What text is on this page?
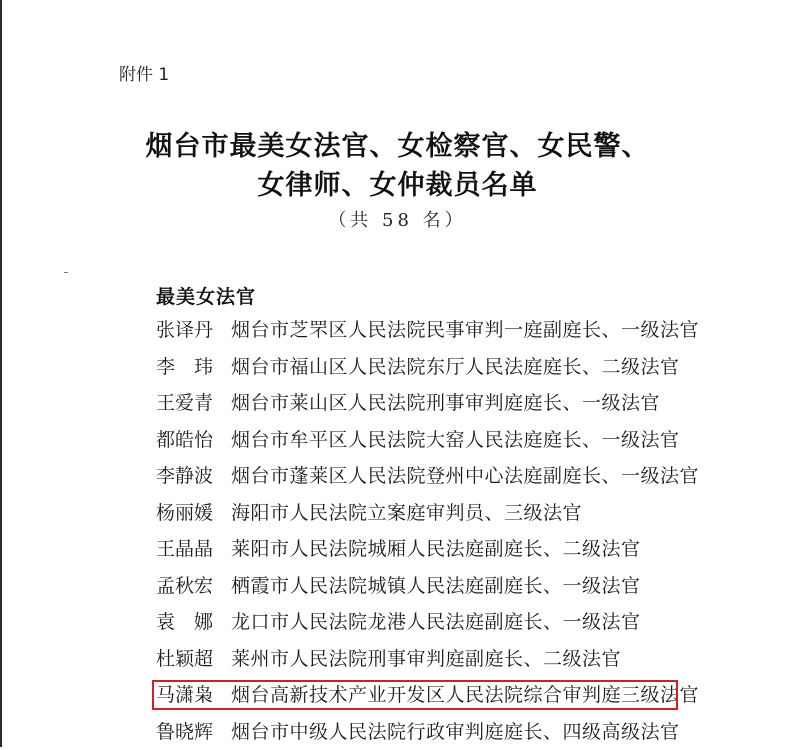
附件 1
烟台市最美女法官、女检察官、女民警、
女律师、女仲裁员名单
（共 58 名）
最美女法官
张译丹 烟台市芝罘区人民法院民事审判一庭副庭长、一级法官
李　玮 烟台市福山区人民法院东厅人民法庭庭长、二级法官
王爱青 烟台市莱山区人民法院刑事审判庭庭长、一级法官
都皓怡 烟台市牟平区人民法院大窑人民法庭庭长、一级法官
李静波 烟台市蓬莱区人民法院登州中心法庭副庭长、一级法官
杨丽媛 海阳市人民法院立案庭审判员、三级法官
王晶晶 莱阳市人民法院城厢人民法庭副庭长、二级法官
孟秋宏 栖霞市人民法院城镇人民法庭副庭长、一级法官
袁　娜 龙口市人民法院龙港人民法庭副庭长、一级法官
杜颖超 莱州市人民法院刑事审判庭副庭长、二级法官
马潇枭 烟台高新技术产业开发区人民法院综合审判庭三级法官
鲁晓辉 烟台市中级人民法院行政审判庭庭长、四级高级法官
